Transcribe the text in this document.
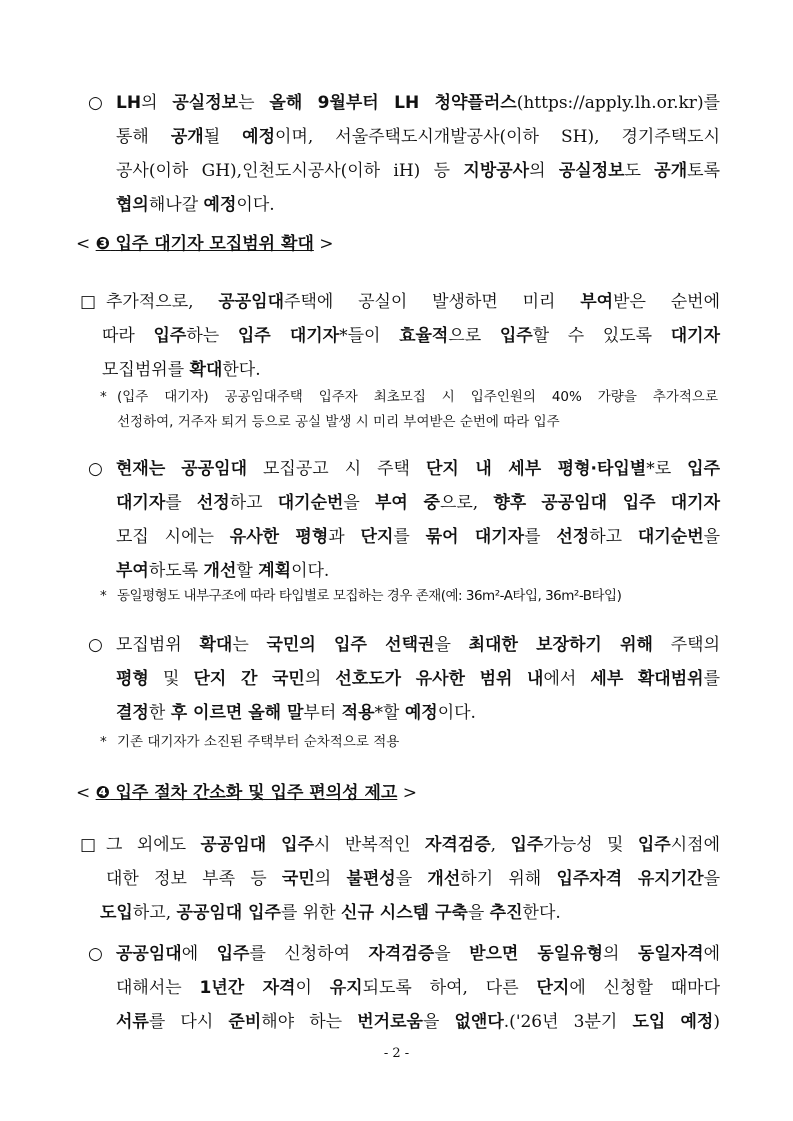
○ LH의 공실정보는 올해 9월부터 LH 청약플러스(https://apply.lh.or.kr)를
통해 공개될 예정이며, 서울주택도시개발공사(이하 SH), 경기주택도시
공사(이하 GH),인천도시공사(이하 iH) 등 지방공사의 공실정보도 공개토록
협의해나갈 예정이다.
< ❸ 입주 대기자 모집범위 확대 >
□ 추가적으로, 공공임대주택에 공실이 발생하면 미리 부여받은 순번에
따라 입주하는 입주 대기자*들이 효율적으로 입주할 수 있도록 대기자
모집범위를 확대한다.
* (입주 대기자) 공공임대주택 입주자 최초모집 시 입주인원의 40% 가량을 추가적으로
선정하여, 거주자 퇴거 등으로 공실 발생 시 미리 부여받은 순번에 따라 입주
○ 현재는 공공임대 모집공고 시 주택 단지 내 세부 평형·타입별*로 입주
대기자를 선정하고 대기순번을 부여 중으로, 향후 공공임대 입주 대기자
모집 시에는 유사한 평형과 단지를 묶어 대기자를 선정하고 대기순번을
부여하도록 개선할 계획이다.
* 동일평형도 내부구조에 따라 타입별로 모집하는 경우 존재(예: 36m²-A타입, 36m²-B타입)
○ 모집범위 확대는 국민의 입주 선택권을 최대한 보장하기 위해 주택의
평형 및 단지 간 국민의 선호도가 유사한 범위 내에서 세부 확대범위를
결정한 후 이르면 올해 말부터 적용*할 예정이다.
* 기존 대기자가 소진된 주택부터 순차적으로 적용
< ❹ 입주 절차 간소화 및 입주 편의성 제고 >
□ 그 외에도 공공임대 입주시 반복적인 자격검증, 입주가능성 및 입주시점에
대한 정보 부족 등 국민의 불편성을 개선하기 위해 입주자격 유지기간을
도입하고, 공공임대 입주를 위한 신규 시스템 구축을 추진한다.
○ 공공임대에 입주를 신청하여 자격검증을 받으면 동일유형의 동일자격에
대해서는 1년간 자격이 유지되도록 하여, 다른 단지에 신청할 때마다
서류를 다시 준비해야 하는 번거로움을 없앤다.('26년 3분기 도입 예정)
- 2 -
